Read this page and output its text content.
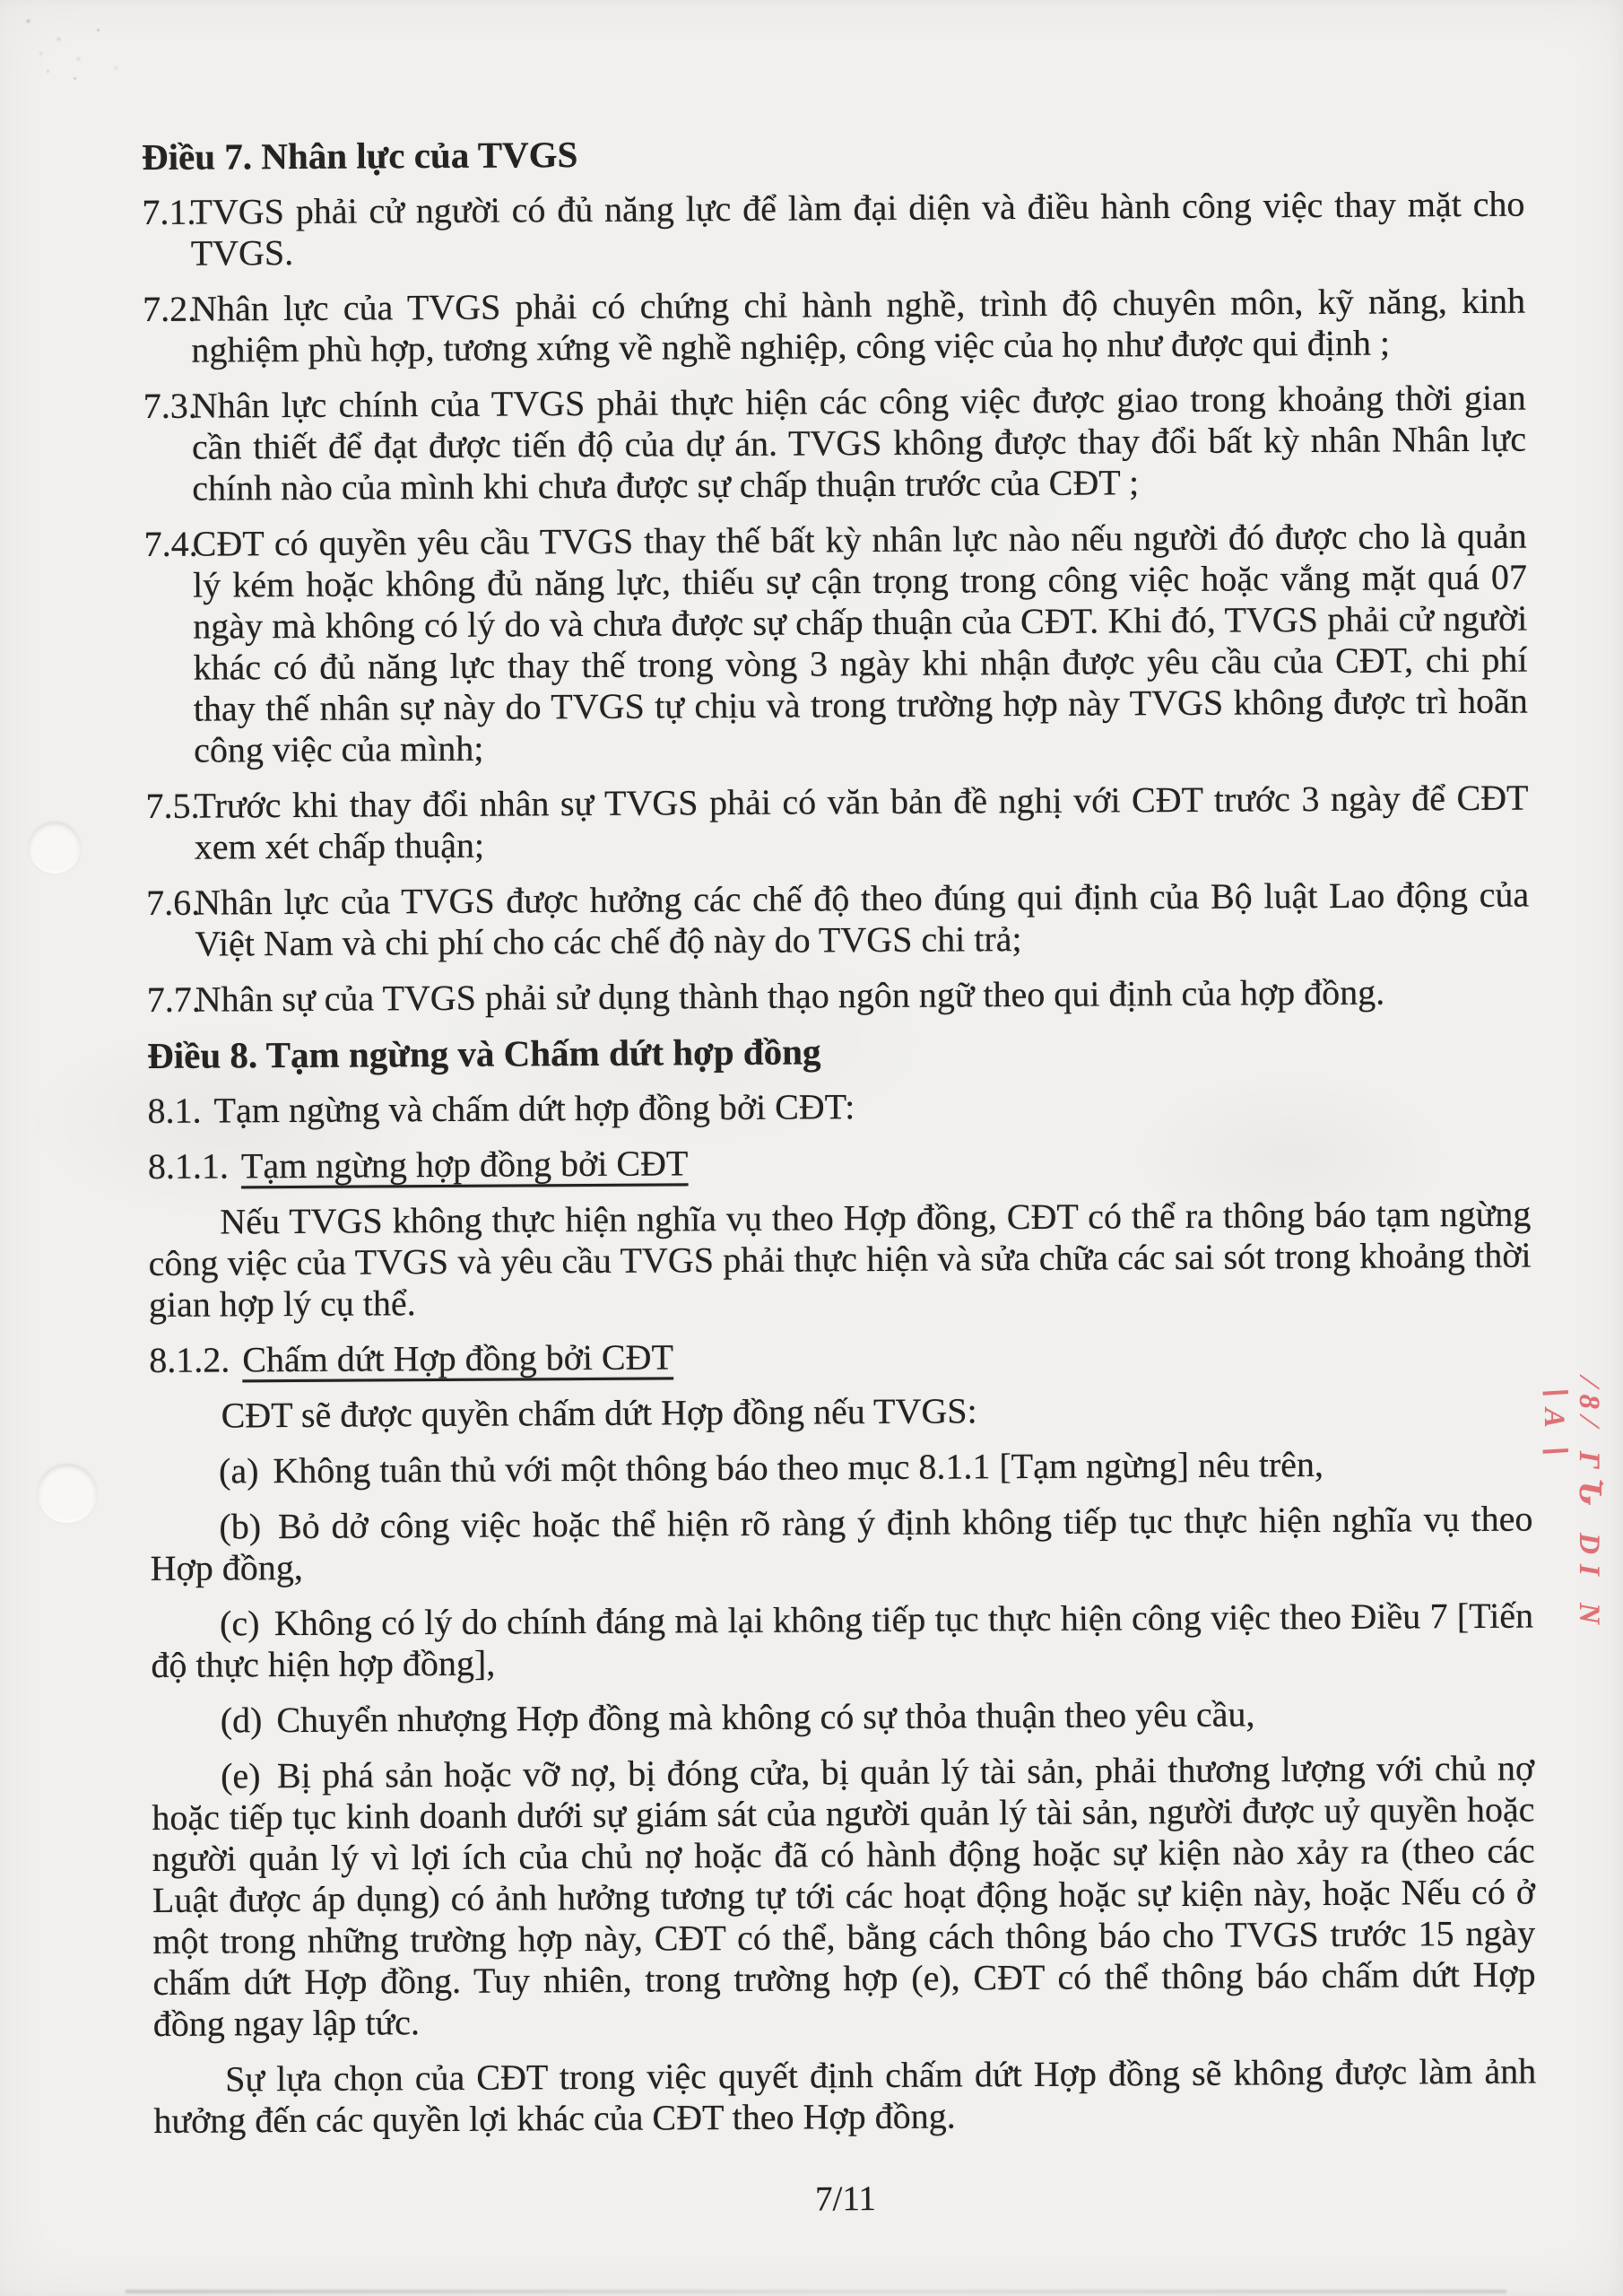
⁄8⁄ ΓՆ DI N ∖A∖
Điều 7. Nhân lực của TVGS
7.1.
TVGS phải cử người có đủ năng lực để làm đại diện và điều hành công việc thay mặt cho TVGS.
7.2.
Nhân lực của TVGS phải có chứng chỉ hành nghề, trình độ chuyên môn, kỹ năng, kinh nghiệm phù hợp, tương xứng về nghề nghiệp, công việc của họ như được qui định ;
7.3.
Nhân lực chính của TVGS phải thực hiện các công việc được giao trong khoảng thời gian cần thiết để đạt được tiến độ của dự án. TVGS không được thay đổi bất kỳ nhân Nhân lực chính nào của mình khi chưa được sự chấp thuận trước của CĐT ;
7.4.
CĐT có quyền yêu cầu TVGS thay thế bất kỳ nhân lực nào nếu người đó được cho là quản lý kém hoặc không đủ năng lực, thiếu sự cận trọng trong công việc hoặc vắng mặt quá 07 ngày mà không có lý do và chưa được sự chấp thuận của CĐT. Khi đó, TVGS phải cử người khác có đủ năng lực thay thế trong vòng 3 ngày khi nhận được yêu cầu của CĐT, chi phí thay thế nhân sự này do TVGS tự chịu và trong trường hợp này TVGS không được trì hoãn công việc của mình;
7.5.
Trước khi thay đổi nhân sự TVGS phải có văn bản đề nghị với CĐT trước 3 ngày để CĐT xem xét chấp thuận;
7.6.
Nhân lực của TVGS được hưởng các chế độ theo đúng qui định của Bộ luật Lao động của Việt Nam và chi phí cho các chế độ này do TVGS chi trả;
7.7.
Nhân sự của TVGS phải sử dụng thành thạo ngôn ngữ theo qui định của hợp đồng.
Điều 8. Tạm ngừng và Chấm dứt hợp đồng
8.1. Tạm ngừng và chấm dứt hợp đồng bởi CĐT:
8.1.1. Tạm ngừng hợp đồng bởi CĐT

Nếu TVGS không thực hiện nghĩa vụ theo Hợp đồng, CĐT có thể ra thông báo tạm ngừng công việc của TVGS và yêu cầu TVGS phải thực hiện và sửa chữa các sai sót trong khoảng thời gian hợp lý cụ thể.

8.1.2. Chấm dứt Hợp đồng bởi CĐT

CĐT sẽ được quyền chấm dứt Hợp đồng nếu TVGS:

(a) Không tuân thủ với một thông báo theo mục 8.1.1 [Tạm ngừng] nêu trên,

(b) Bỏ dở công việc hoặc thể hiện rõ ràng ý định không tiếp tục thực hiện nghĩa vụ theo Hợp đồng,

(c) Không có lý do chính đáng mà lại không tiếp tục thực hiện công việc theo Điều 7 [Tiến độ thực hiện hợp đồng],

(d) Chuyển nhượng Hợp đồng mà không có sự thỏa thuận theo yêu cầu,

(e) Bị phá sản hoặc vỡ nợ, bị đóng cửa, bị quản lý tài sản, phải thương lượng với chủ nợ hoặc tiếp tục kinh doanh dưới sự giám sát của người quản lý tài sản, người được uỷ quyền hoặc người quản lý vì lợi ích của chủ nợ hoặc đã có hành động hoặc sự kiện nào xảy ra (theo các Luật được áp dụng) có ảnh hưởng tương tự tới các hoạt động hoặc sự kiện này, hoặc Nếu có ở một trong những trường hợp này, CĐT có thể, bằng cách thông báo cho TVGS trước 15 ngày chấm dứt Hợp đồng. Tuy nhiên, trong trường hợp (e), CĐT có thể thông báo chấm dứt Hợp đồng ngay lập tức.

Sự lựa chọn của CĐT trong việc quyết định chấm dứt Hợp đồng sẽ không được làm ảnh hưởng đến các quyền lợi khác của CĐT theo Hợp đồng.

7/11
